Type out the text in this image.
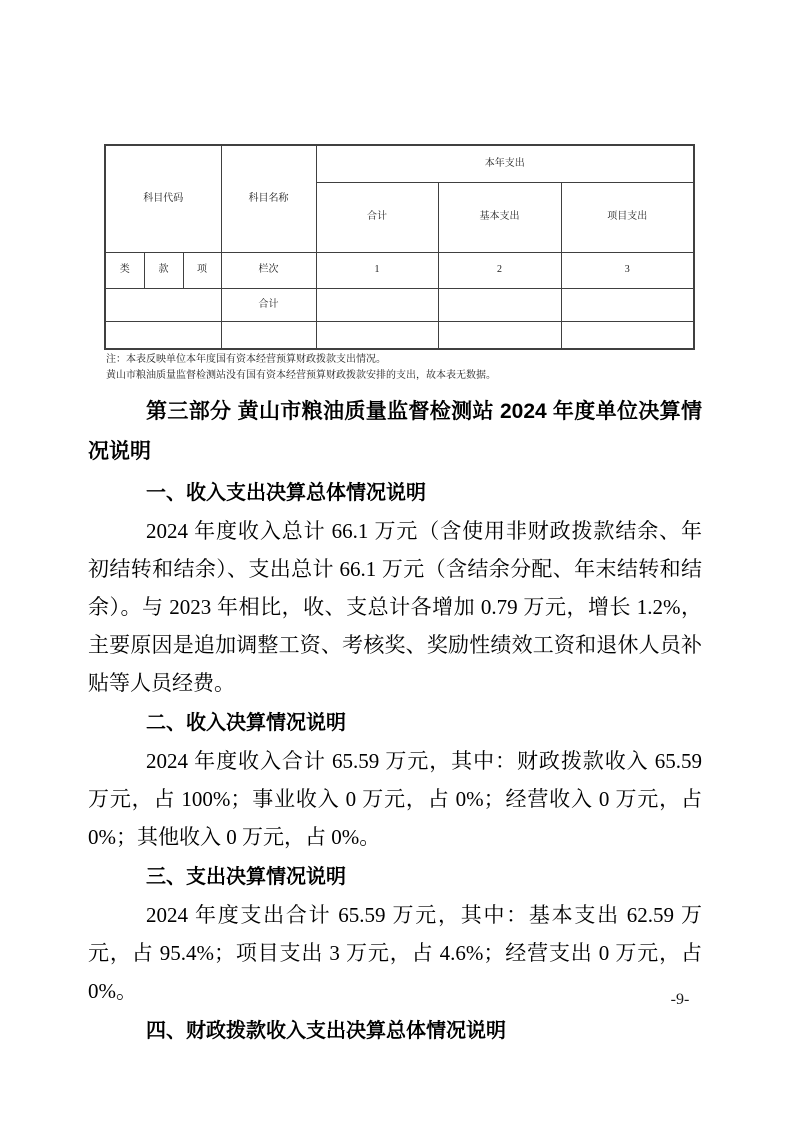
科目代码			科目名称	本年支出		
				合计	基本支出	项目支出
类	款	项	栏次	1	2	3
			合计			

注：本表反映单位本年度国有资本经营预算财政拨款支出情况。
黄山市粮油质量监督检测站没有国有资本经营预算财政拨款安排的支出，故本表无数据。
第三部分 黄山市粮油质量监督检测站 2024 年度单位决算情况说明
一、收入支出决算总体情况说明

2024 年度收入总计 66.1 万元（含使用非财政拨款结余、年初结转和结余）、支出总计 66.1 万元（含结余分配、年末结转和结余）。与 2023 年相比，收、支总计各增加 0.79 万元，增长 1.2%，主要原因是追加调整工资、考核奖、奖励性绩效工资和退休人员补贴等人员经费。

二、收入决算情况说明

2024 年度收入合计 65.59 万元，其中：财政拨款收入 65.59 万元，占 100%；事业收入 0 万元，占 0%；经营收入 0 万元，占 0%；其他收入 0 万元，占 0%。

三、支出决算情况说明

2024 年度支出合计 65.59 万元，其中：基本支出 62.59 万元，占 95.4%；项目支出 3 万元，占 4.6%；经营支出 0 万元，占 0%。

四、财政拨款收入支出决算总体情况说明
-9-
